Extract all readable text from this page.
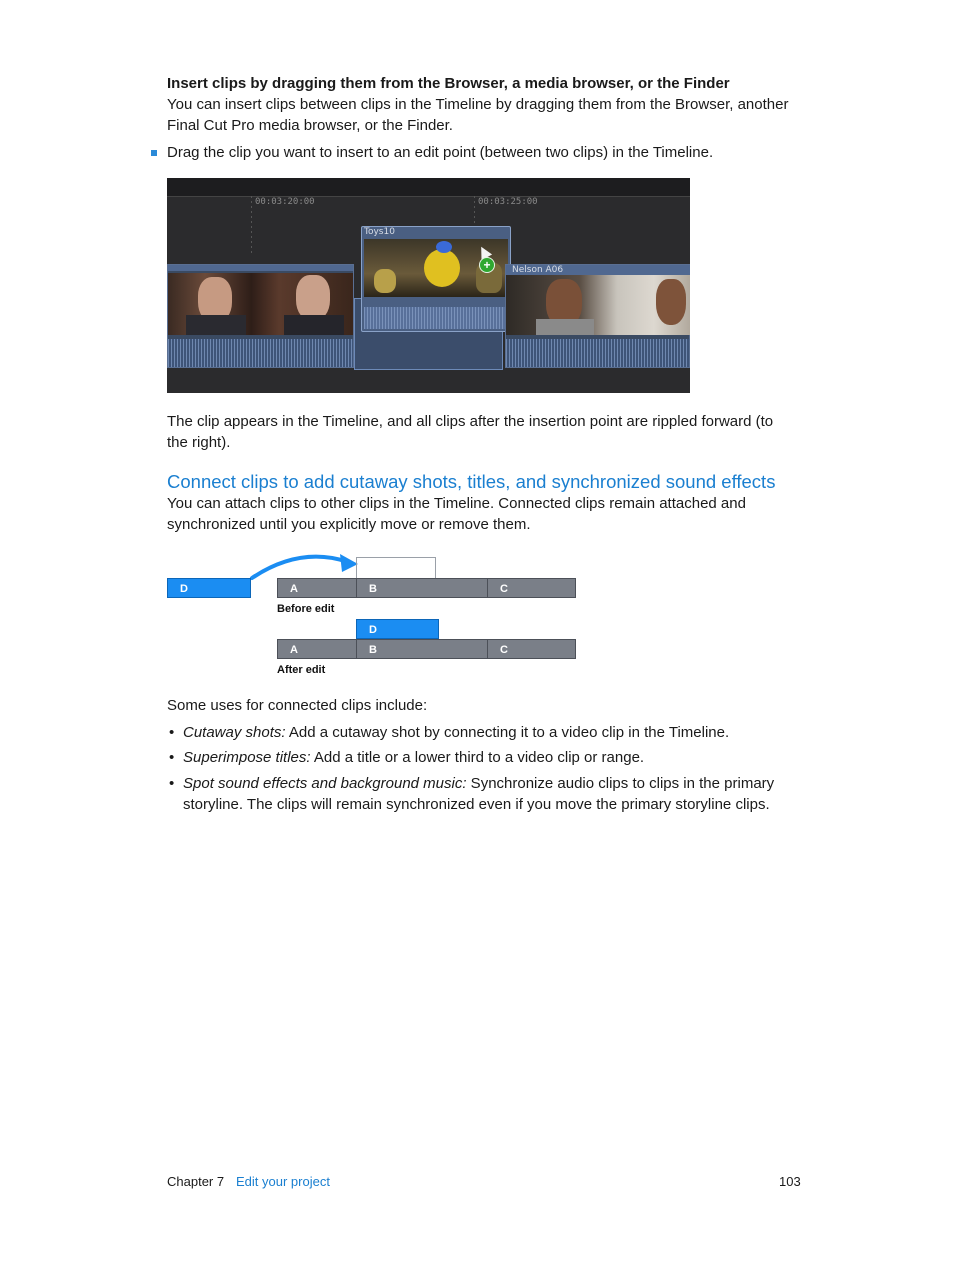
Insert clips by dragging them from the Browser, a media browser, or the Finder
You can insert clips between clips in the Timeline by dragging them from the Browser, another
Final Cut Pro media browser, or the Finder.
Drag the clip you want to insert to an edit point (between two clips) in the Timeline.
00:03:20:00	00:03:25:00
Toys10
+	Nelson A06
The clip appears in the Timeline, and all clips after the insertion point are rippled forward (to
the right).
Connect clips to add cutaway shots, titles, and synchronized sound effects
You can attach clips to other clips in the Timeline. Connected clips remain attached and
synchronized until you explicitly move or remove them.
D	A	B	C
Before edit
D
A	B	C
After edit
Some uses for connected clips include:
• Cutaway shots: Add a cutaway shot by connecting it to a video clip in the Timeline.
• Superimpose titles: Add a title or a lower third to a video clip or range.
• Spot sound effects and background music: Synchronize audio clips to clips in the primary
storyline. The clips will remain synchronized even if you move the primary storyline clips.
Chapter 7 Edit your project	103
